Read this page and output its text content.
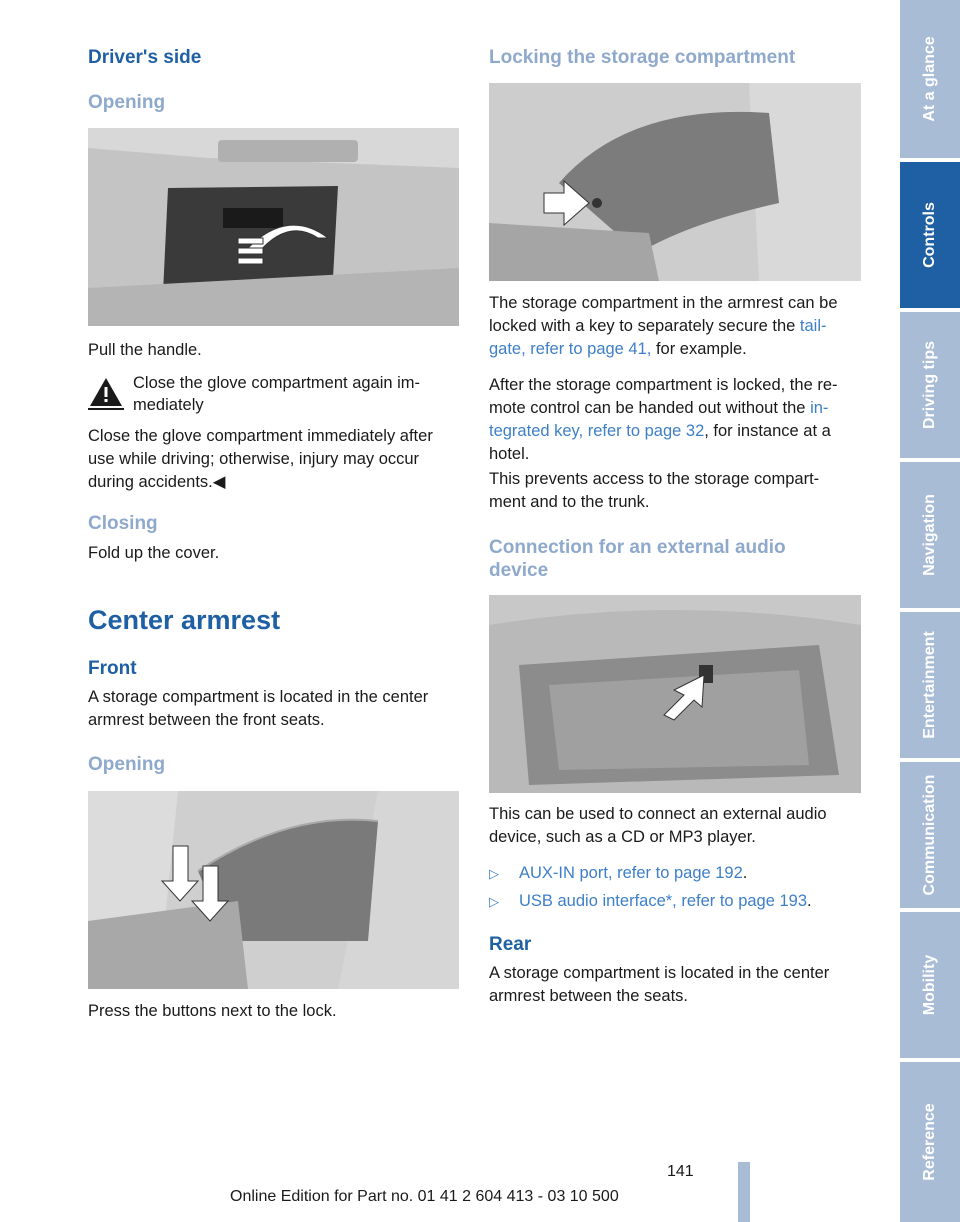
Driver's side
Opening

Pull the handle.

Close the glove compartment again im‐
mediately
Close the glove compartment immediately after
use while driving; otherwise, injury may occur
during accidents.◀
Closing

Fold up the cover.

Center armrest
Front
A storage compartment is located in the center
armrest between the front seats.
Opening

Press the buttons next to the lock.

Locking the storage compartment
The storage compartment in the armrest can be
locked with a key to separately secure the tail‐
gate, refer to page 41, for example.
After the storage compartment is locked, the re‐
mote control can be handed out without the in‐
tegrated key, refer to page 32, for instance at a
hotel.
This prevents access to the storage compart‐
ment and to the trunk.
Connection for an external audio
device
This can be used to connect an external audio
device, such as a CD or MP3 player.
▷ AUX-IN port, refer to page 192.
▷ USB audio interface*, refer to page 193.
Rear
A storage compartment is located in the center
armrest between the seats.
At a glance
Controls
Driving tips
Navigation
Entertainment
Communication
Mobility
Reference
141
Online Edition for Part no. 01 41 2 604 413 - 03 10 500
